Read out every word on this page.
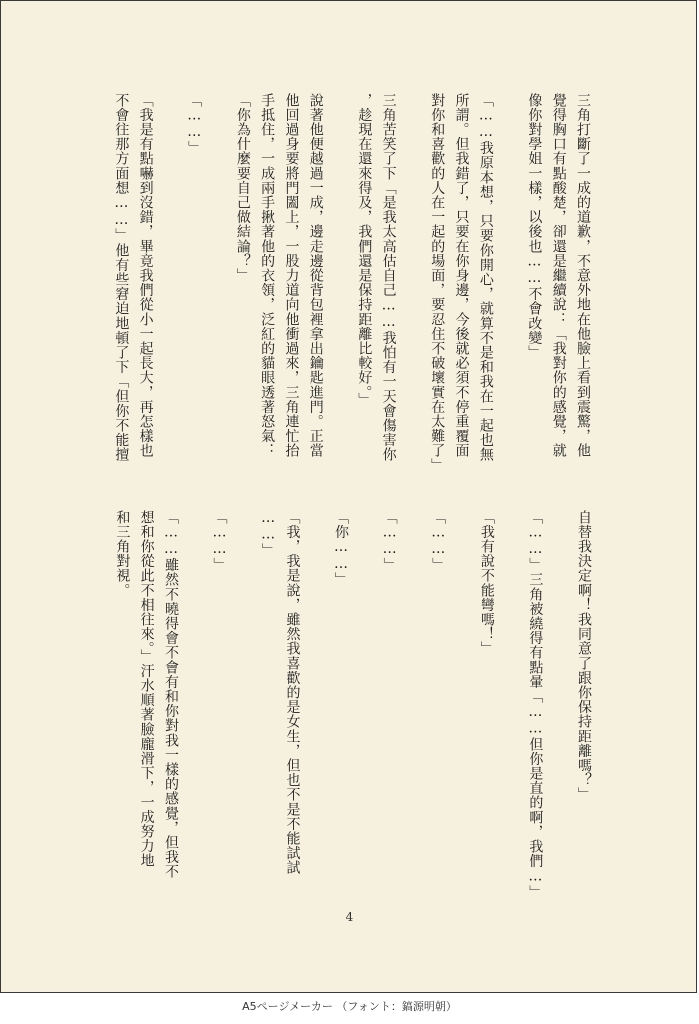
三角打斷了一成的道歉，不意外地在他臉上看到震驚，他
覺得胸口有點酸楚，卻還是繼續說：「我對你的感覺，就
像你對學姐一樣，以後也……不會改變」

「……我原本想，只要你開心，就算不是和我在一起也無
所謂。但我錯了，只要在你身邊，今後就必須不停重覆面
對你和喜歡的人在一起的場面，要忍住不破壞實在太難了」

三角苦笑了下「是我太高估自己……我怕有一天會傷害你
，趁現在還來得及，我們還是保持距離比較好。」

說著他便越過一成，邊走邊從背包裡拿出鑰匙進門。正當
他回過身要將門闔上，一股力道向他衝過來，三角連忙抬
手抵住，一成兩手揪著他的衣領，泛紅的貓眼透著怒氣：
「你為什麼要自己做結論？」

「……」

「我是有點嚇到沒錯，畢竟我們從小一起長大，再怎樣也
不會往那方面想……」他有些窘迫地頓了下「但你不能擅
自替我決定啊！我同意了跟你保持距離嗎？」

「……」三角被繞得有點暈「……但你是直的啊，我們…」

「我有說不能彎嗎！」

「……」

「……」

「你……」

「我，我是說，雖然我喜歡的是女生，但也不是不能試試
……」

「……」

「……雖然不曉得會不會有和你對我一樣的感覺，但我不
想和你從此不相往來。」汗水順著臉龐滑下，一成努力地
和三角對視。
4
A5ページメーカー （フォント：鎬源明朝）
